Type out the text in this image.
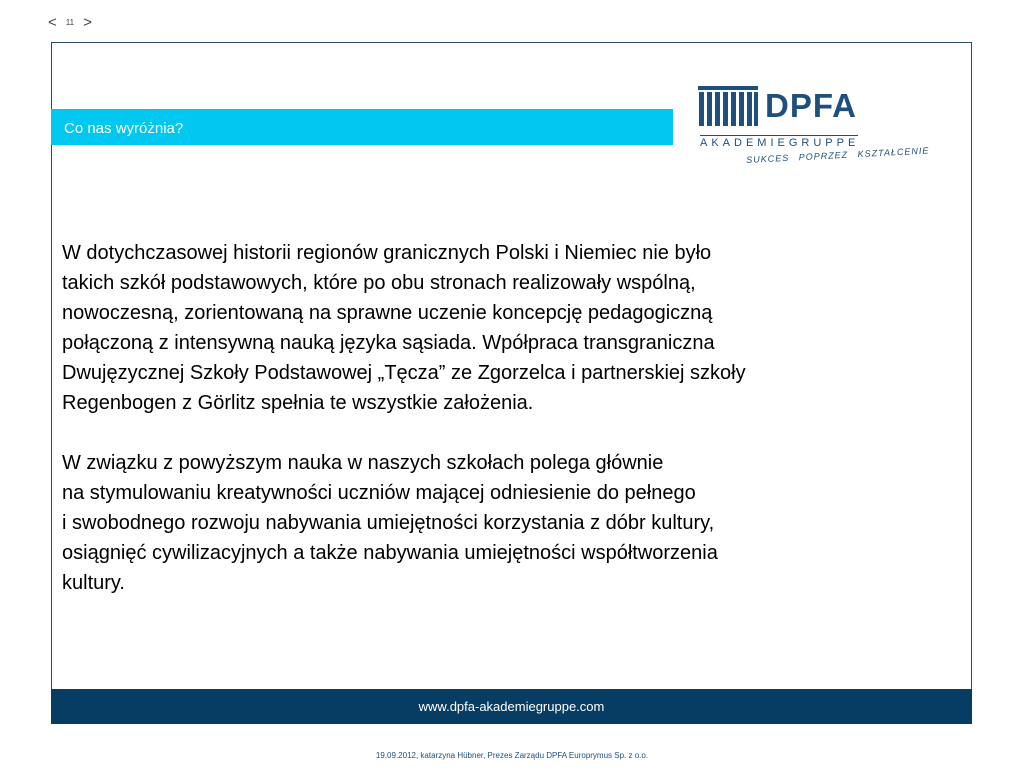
< 11 >
Co nas wyróżnia?
DPFA
AKADEMIEGRUPPE
SUKCES POPRZEZ KSZTAŁCENIE

W dotychczasowej historii regionów granicznych Polski i Niemiec nie było
takich szkół podstawowych, które po obu stronach realizowały wspólną,
nowoczesną, zorientowaną na sprawne uczenie koncepcję pedagogiczną
połączoną z intensywną nauką języka sąsiada. Wpółpraca transgraniczna
Dwujęzycznej Szkoły Podstawowej „Tęcza” ze Zgorzelca i partnerskiej szkoły
Regenbogen z Görlitz spełnia te wszystkie założenia.

W związku z powyższym nauka w naszych szkołach polega głównie
na stymulowaniu kreatywności uczniów mającej odniesienie do pełnego
i swobodnego rozwoju nabywania umiejętności korzystania z dóbr kultury,
osiągnięć cywilizacyjnych a także nabywania umiejętności współtworzenia
kultury.

www.dpfa-akademiegruppe.com
19.09.2012, katarzyna Hübner, Prezes Zarządu DPFA Europrymus Sp. z o.o.
